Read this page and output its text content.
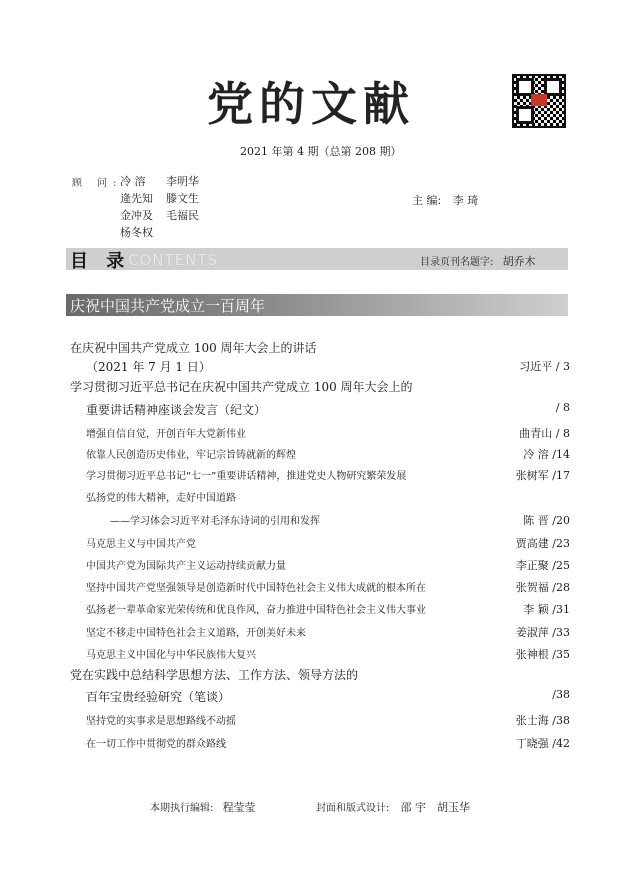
党的文献
2021 年第 4 期（总第 208 期）
顾 问:
冷 溶 李明华
逄先知 滕文生
金冲及 毛福民
杨冬权
主 编: 李 琦
目 录
CONTENTS	目录页刊名题字: 胡乔木
庆祝中国共产党成立一百周年
在庆祝中国共产党成立 100 周年大会上的讲话
（2021 年 7 月 1 日）	习近平 / 3
学习贯彻习近平总书记在庆祝中国共产党成立 100 周年大会上的
重要讲话精神座谈会发言（纪文）	/ 8
增强自信自觉，开创百年大党新伟业	曲青山 / 8
依靠人民创造历史伟业，牢记宗旨铸就新的辉煌	冷 溶 /14
学习贯彻习近平总书记“七一”重要讲话精神，推进党史人物研究繁荣发展	张树军 /17
弘扬党的伟大精神，走好中国道路
——学习体会习近平对毛泽东诗词的引用和发挥	陈 晋 /20
马克思主义与中国共产党	贾高建 /23
中国共产党为国际共产主义运动持续贡献力量	李正聚 /25
坚持中国共产党坚强领导是创造新时代中国特色社会主义伟大成就的根本所在	张贺福 /28
弘扬老一辈革命家光荣传统和优良作风，奋力推进中国特色社会主义伟大事业	李 颖 /31
坚定不移走中国特色社会主义道路，开创美好未来	姜淑萍 /33
马克思主义中国化与中华民族伟大复兴	张神根 /35
党在实践中总结科学思想方法、工作方法、领导方法的
百年宝贵经验研究（笔谈）	/38
坚持党的实事求是思想路线不动摇	张士海 /38
在一切工作中贯彻党的群众路线	丁晓强 /42
本期执行编辑: 程莹莹	封面和版式设计: 邵 宇　胡玉华
